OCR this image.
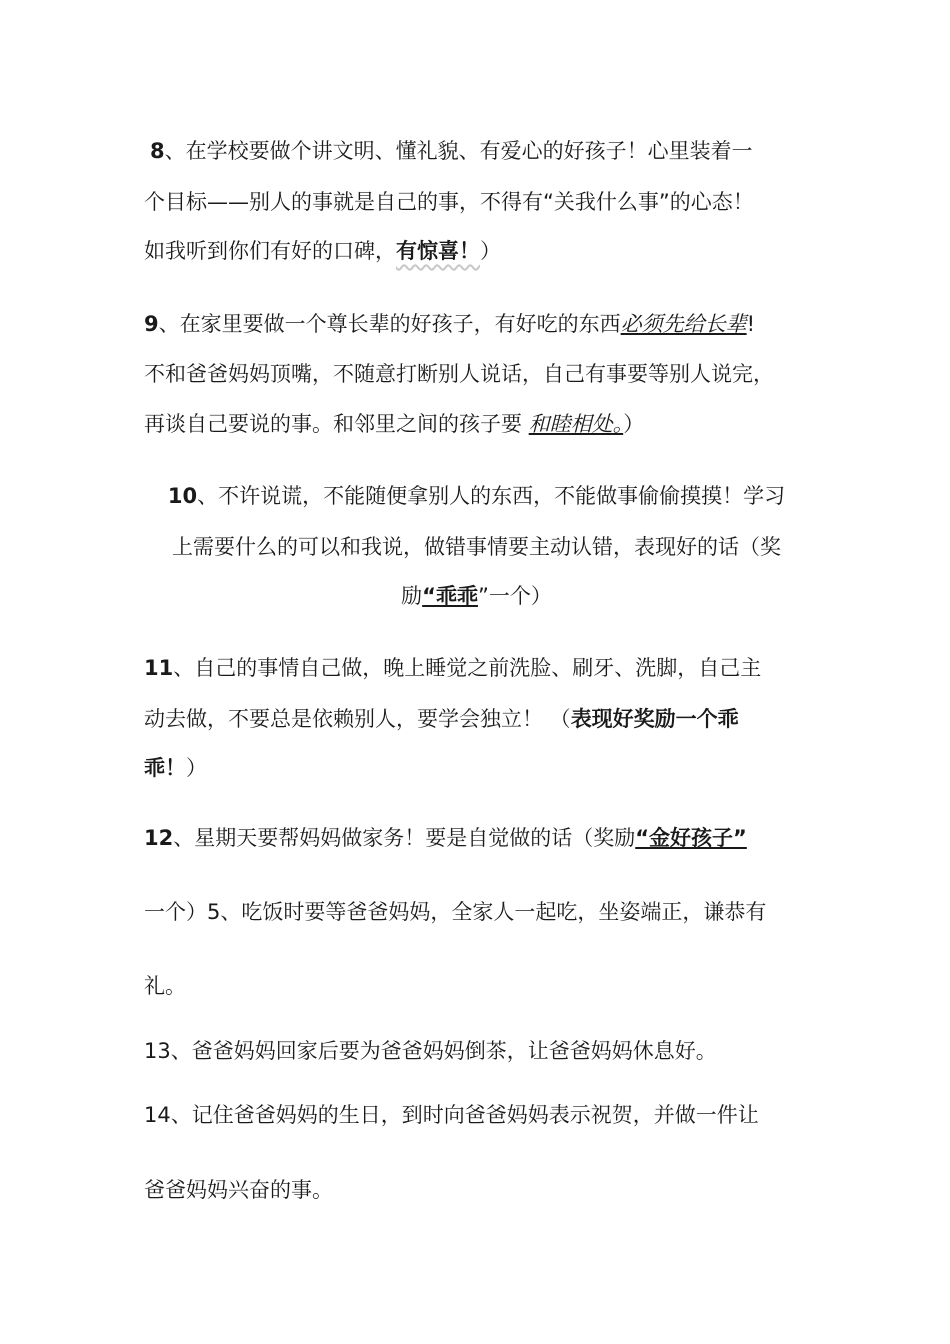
8、在学校要做个讲文明、懂礼貌、有爱心的好孩子！心里装着一
个目标——别人的事就是自己的事，不得有“关我什么事”的心态！
如我听到你们有好的口碑，有惊喜！）
9、在家里要做一个尊长辈的好孩子，有好吃的东西必须先给长辈!
不和爸爸妈妈顶嘴，不随意打断别人说话，自己有事要等别人说完，
再谈自己要说的事。和邻里之间的孩子要 和睦相处。）
10、不许说谎，不能随便拿别人的东西，不能做事偷偷摸摸！学习
上需要什么的可以和我说，做错事情要主动认错，表现好的话（奖
励“乖乖”一个）
11、自己的事情自己做，晚上睡觉之前洗脸、刷牙、洗脚，自己主
动去做，不要总是依赖别人，要学会独立！ （表现好奖励一个乖
乖！）
12、星期天要帮妈妈做家务！要是自觉做的话（奖励“金好孩子”
一个）5、吃饭时要等爸爸妈妈，全家人一起吃，坐姿端正，谦恭有
礼。
13、爸爸妈妈回家后要为爸爸妈妈倒茶，让爸爸妈妈休息好。
14、记住爸爸妈妈的生日，到时向爸爸妈妈表示祝贺，并做一件让
爸爸妈妈兴奋的事。
